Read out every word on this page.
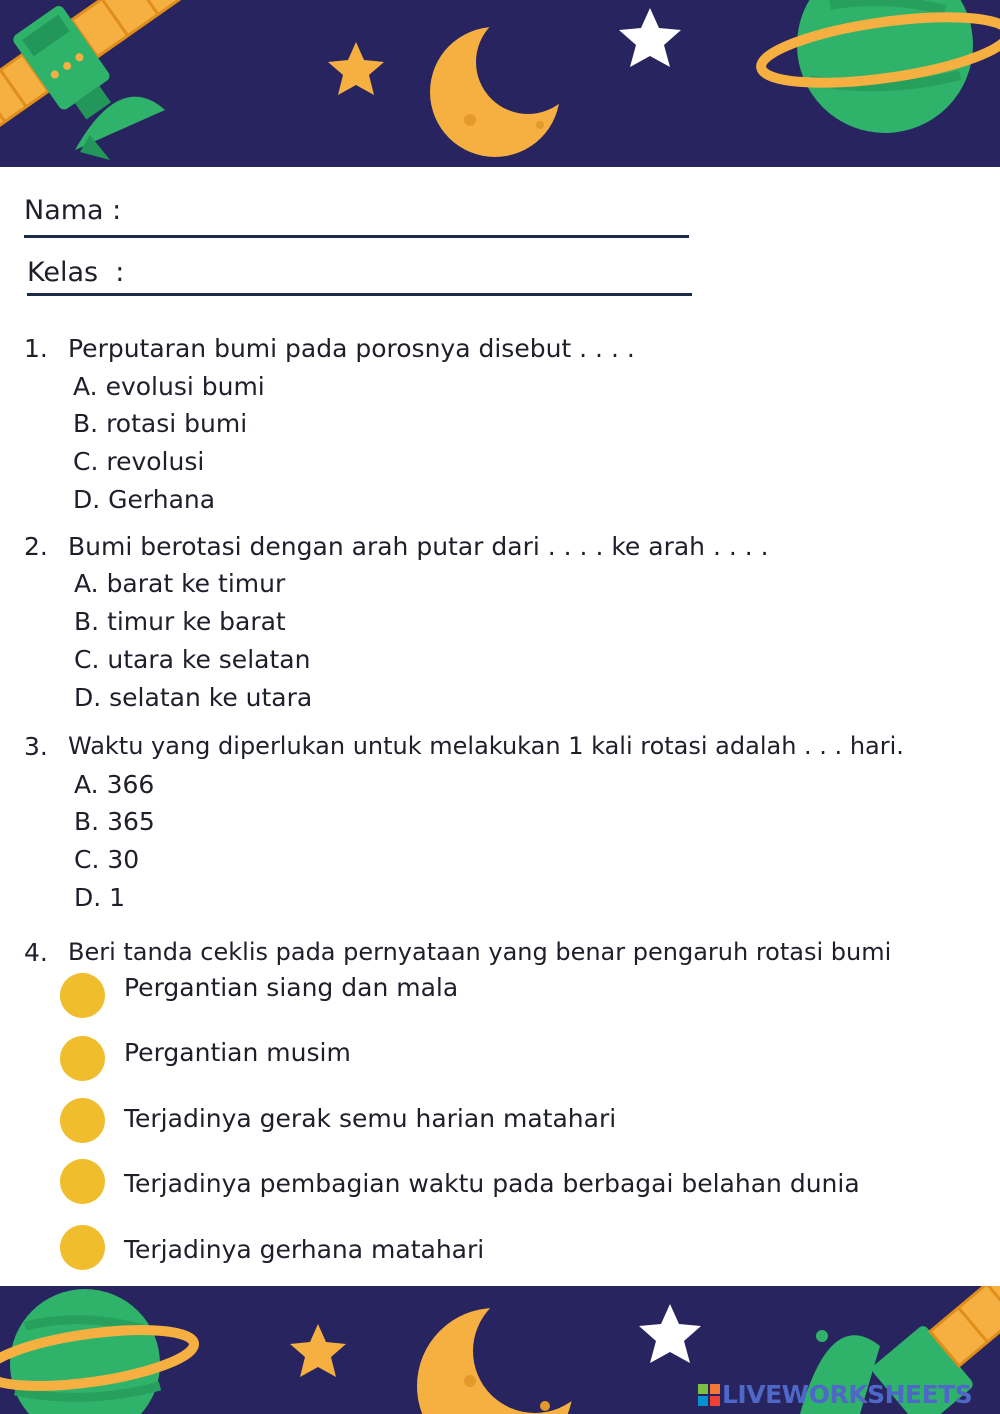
Nama :
Kelas  :
1. Perputaran bumi pada porosnya disebut . . . .
A. evolusi bumi
B. rotasi bumi
C. revolusi
D. Gerhana
2. Bumi berotasi dengan arah putar dari . . . . ke arah . . . .
A. barat ke timur
B. timur ke barat
C. utara ke selatan
D. selatan ke utara
3. Waktu yang diperlukan untuk melakukan 1 kali rotasi adalah . . . hari.
A. 366
B. 365
C. 30
D. 1
4. Beri tanda ceklis pada pernyataan yang benar pengaruh rotasi bumi
Pergantian siang dan mala
Pergantian musim
Terjadinya gerak semu harian matahari
Terjadinya pembagian waktu pada berbagai belahan dunia
Terjadinya gerhana matahari
LIVEWORKSHEETS
